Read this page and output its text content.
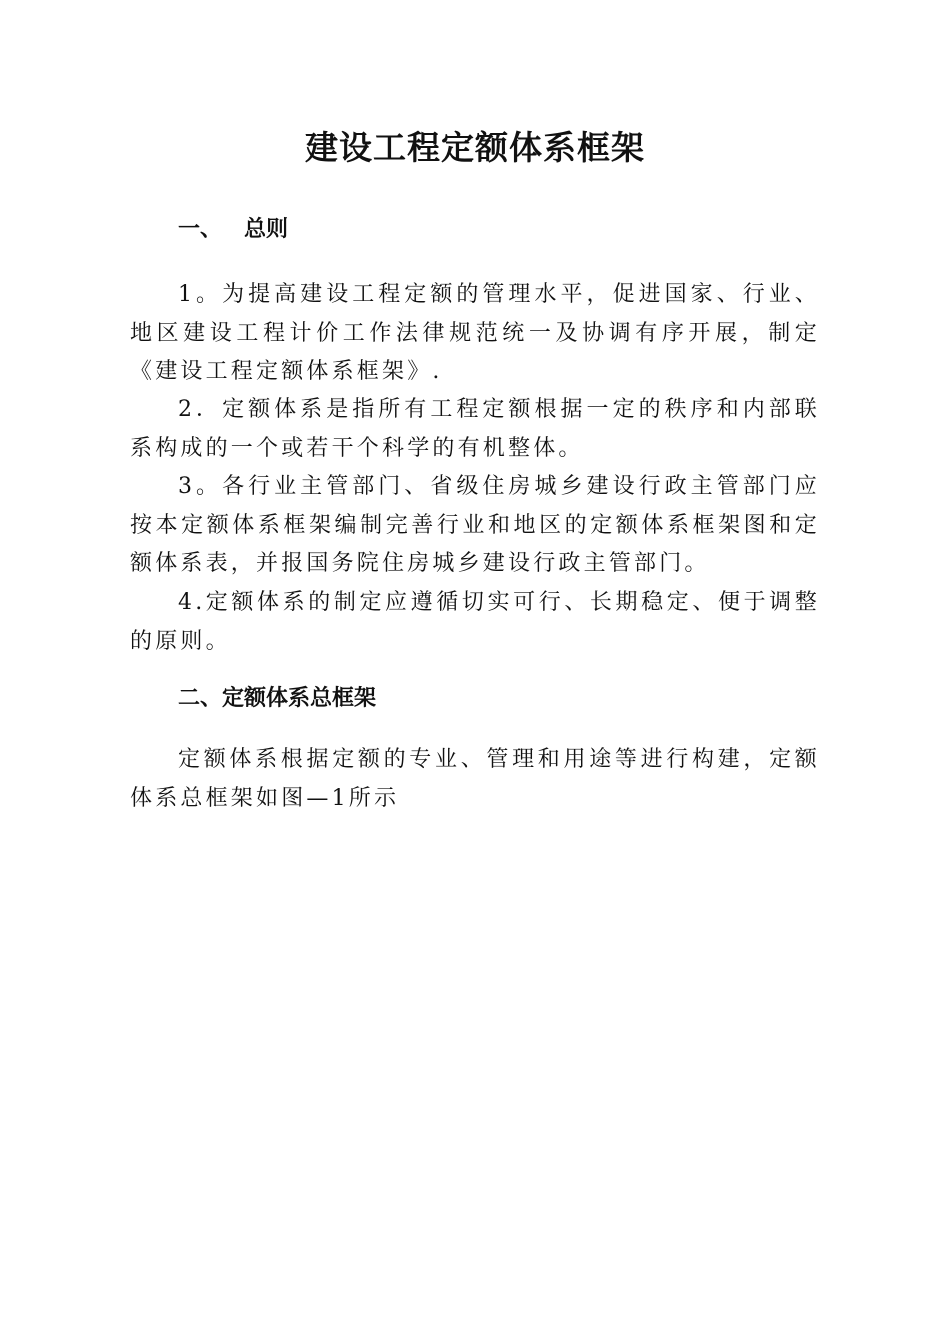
建设工程定额体系框架
一、 总则

1。为提高建设工程定额的管理水平，促进国家、行业、地区建设工程计价工作法律规范统一及协调有序开展，制定《建设工程定额体系框架》.

2．定额体系是指所有工程定额根据一定的秩序和内部联系构成的一个或若干个科学的有机整体。

3。各行业主管部门、省级住房城乡建设行政主管部门应按本定额体系框架编制完善行业和地区的定额体系框架图和定额体系表，并报国务院住房城乡建设行政主管部门。

4.定额体系的制定应遵循切实可行、长期稳定、便于调整的原则。

二、定额体系总框架

定额体系根据定额的专业、管理和用途等进行构建，定额体系总框架如图—1所示
